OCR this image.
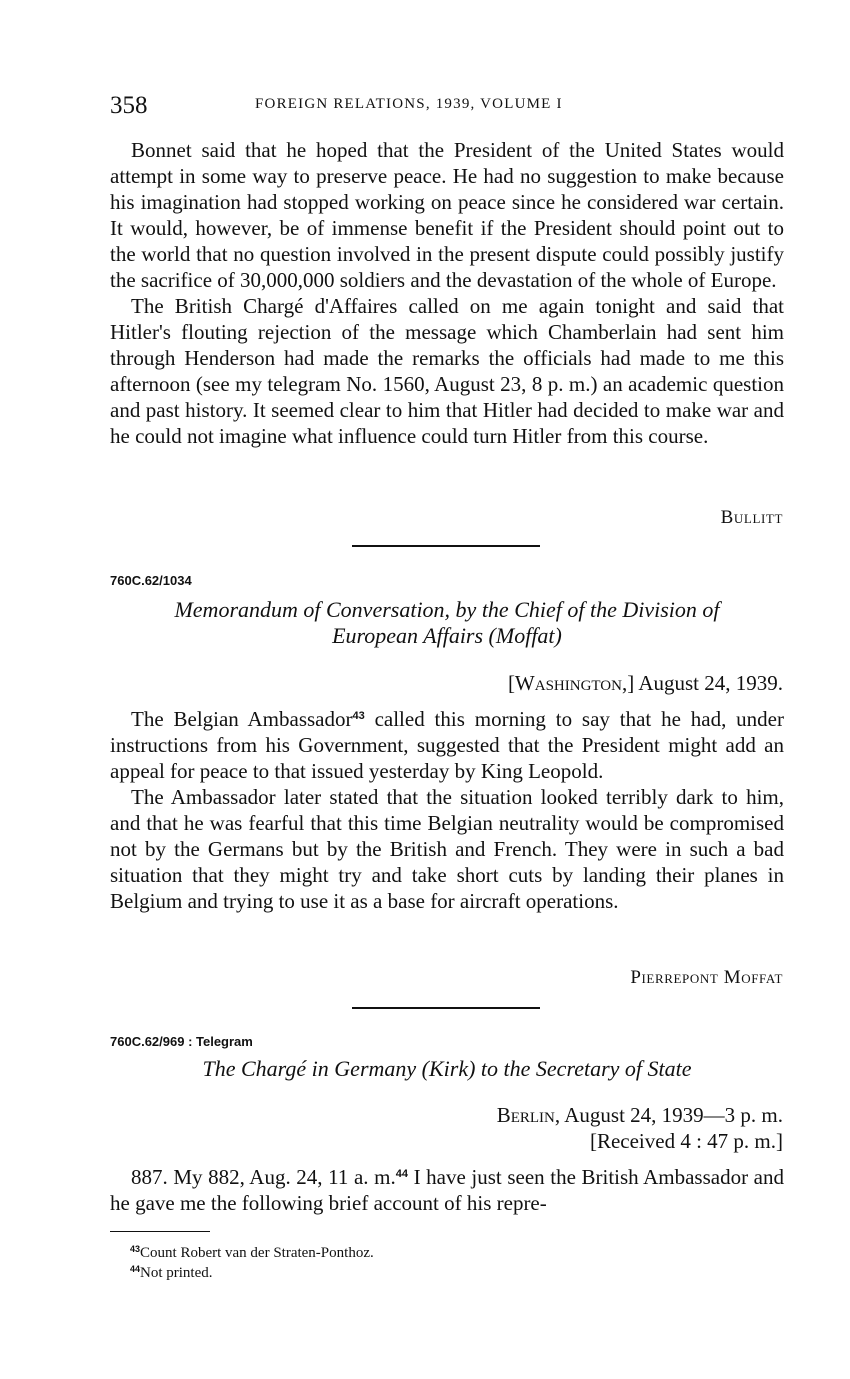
358	FOREIGN RELATIONS, 1939, VOLUME I

Bonnet said that he hoped that the President of the United States would attempt in some way to preserve peace. He had no suggestion to make because his imagination had stopped working on peace since he considered war certain. It would, however, be of immense benefit if the President should point out to the world that no question involved in the present dispute could possibly justify the sacrifice of 30,000,000 soldiers and the devastation of the whole of Europe.

The British Chargé d'Affaires called on me again tonight and said that Hitler's flouting rejection of the message which Chamberlain had sent him through Henderson had made the remarks the officials had made to me this afternoon (see my telegram No. 1560, August 23, 8 p. m.) an academic question and past history. It seemed clear to him that Hitler had decided to make war and he could not imagine what influence could turn Hitler from this course.

Bullitt
760C.62/1034
Memorandum of Conversation, by the Chief of the Division of
European Affairs (Moffat)
[Washington,] August 24, 1939.

The Belgian Ambassador$^{43}$ called this morning to say that he had, under instructions from his Government, suggested that the President might add an appeal for peace to that issued yesterday by King Leopold.

The Ambassador later stated that the situation looked terribly dark to him, and that he was fearful that this time Belgian neutrality would be compromised not by the Germans but by the British and French. They were in such a bad situation that they might try and take short cuts by landing their planes in Belgium and trying to use it as a base for aircraft operations.

Pierrepont Moffat
760C.62/969 : Telegram
The Chargé in Germany (Kirk) to the Secretary of State
Berlin, August 24, 1939—3 p. m.
[Received 4 : 47 p. m.]

887. My 882, Aug. 24, 11 a. m.$^{44}$ I have just seen the British Ambassador and he gave me the following brief account of his repre-

$^{43}$Count Robert van der Straten-Ponthoz.
$^{44}$Not printed.
